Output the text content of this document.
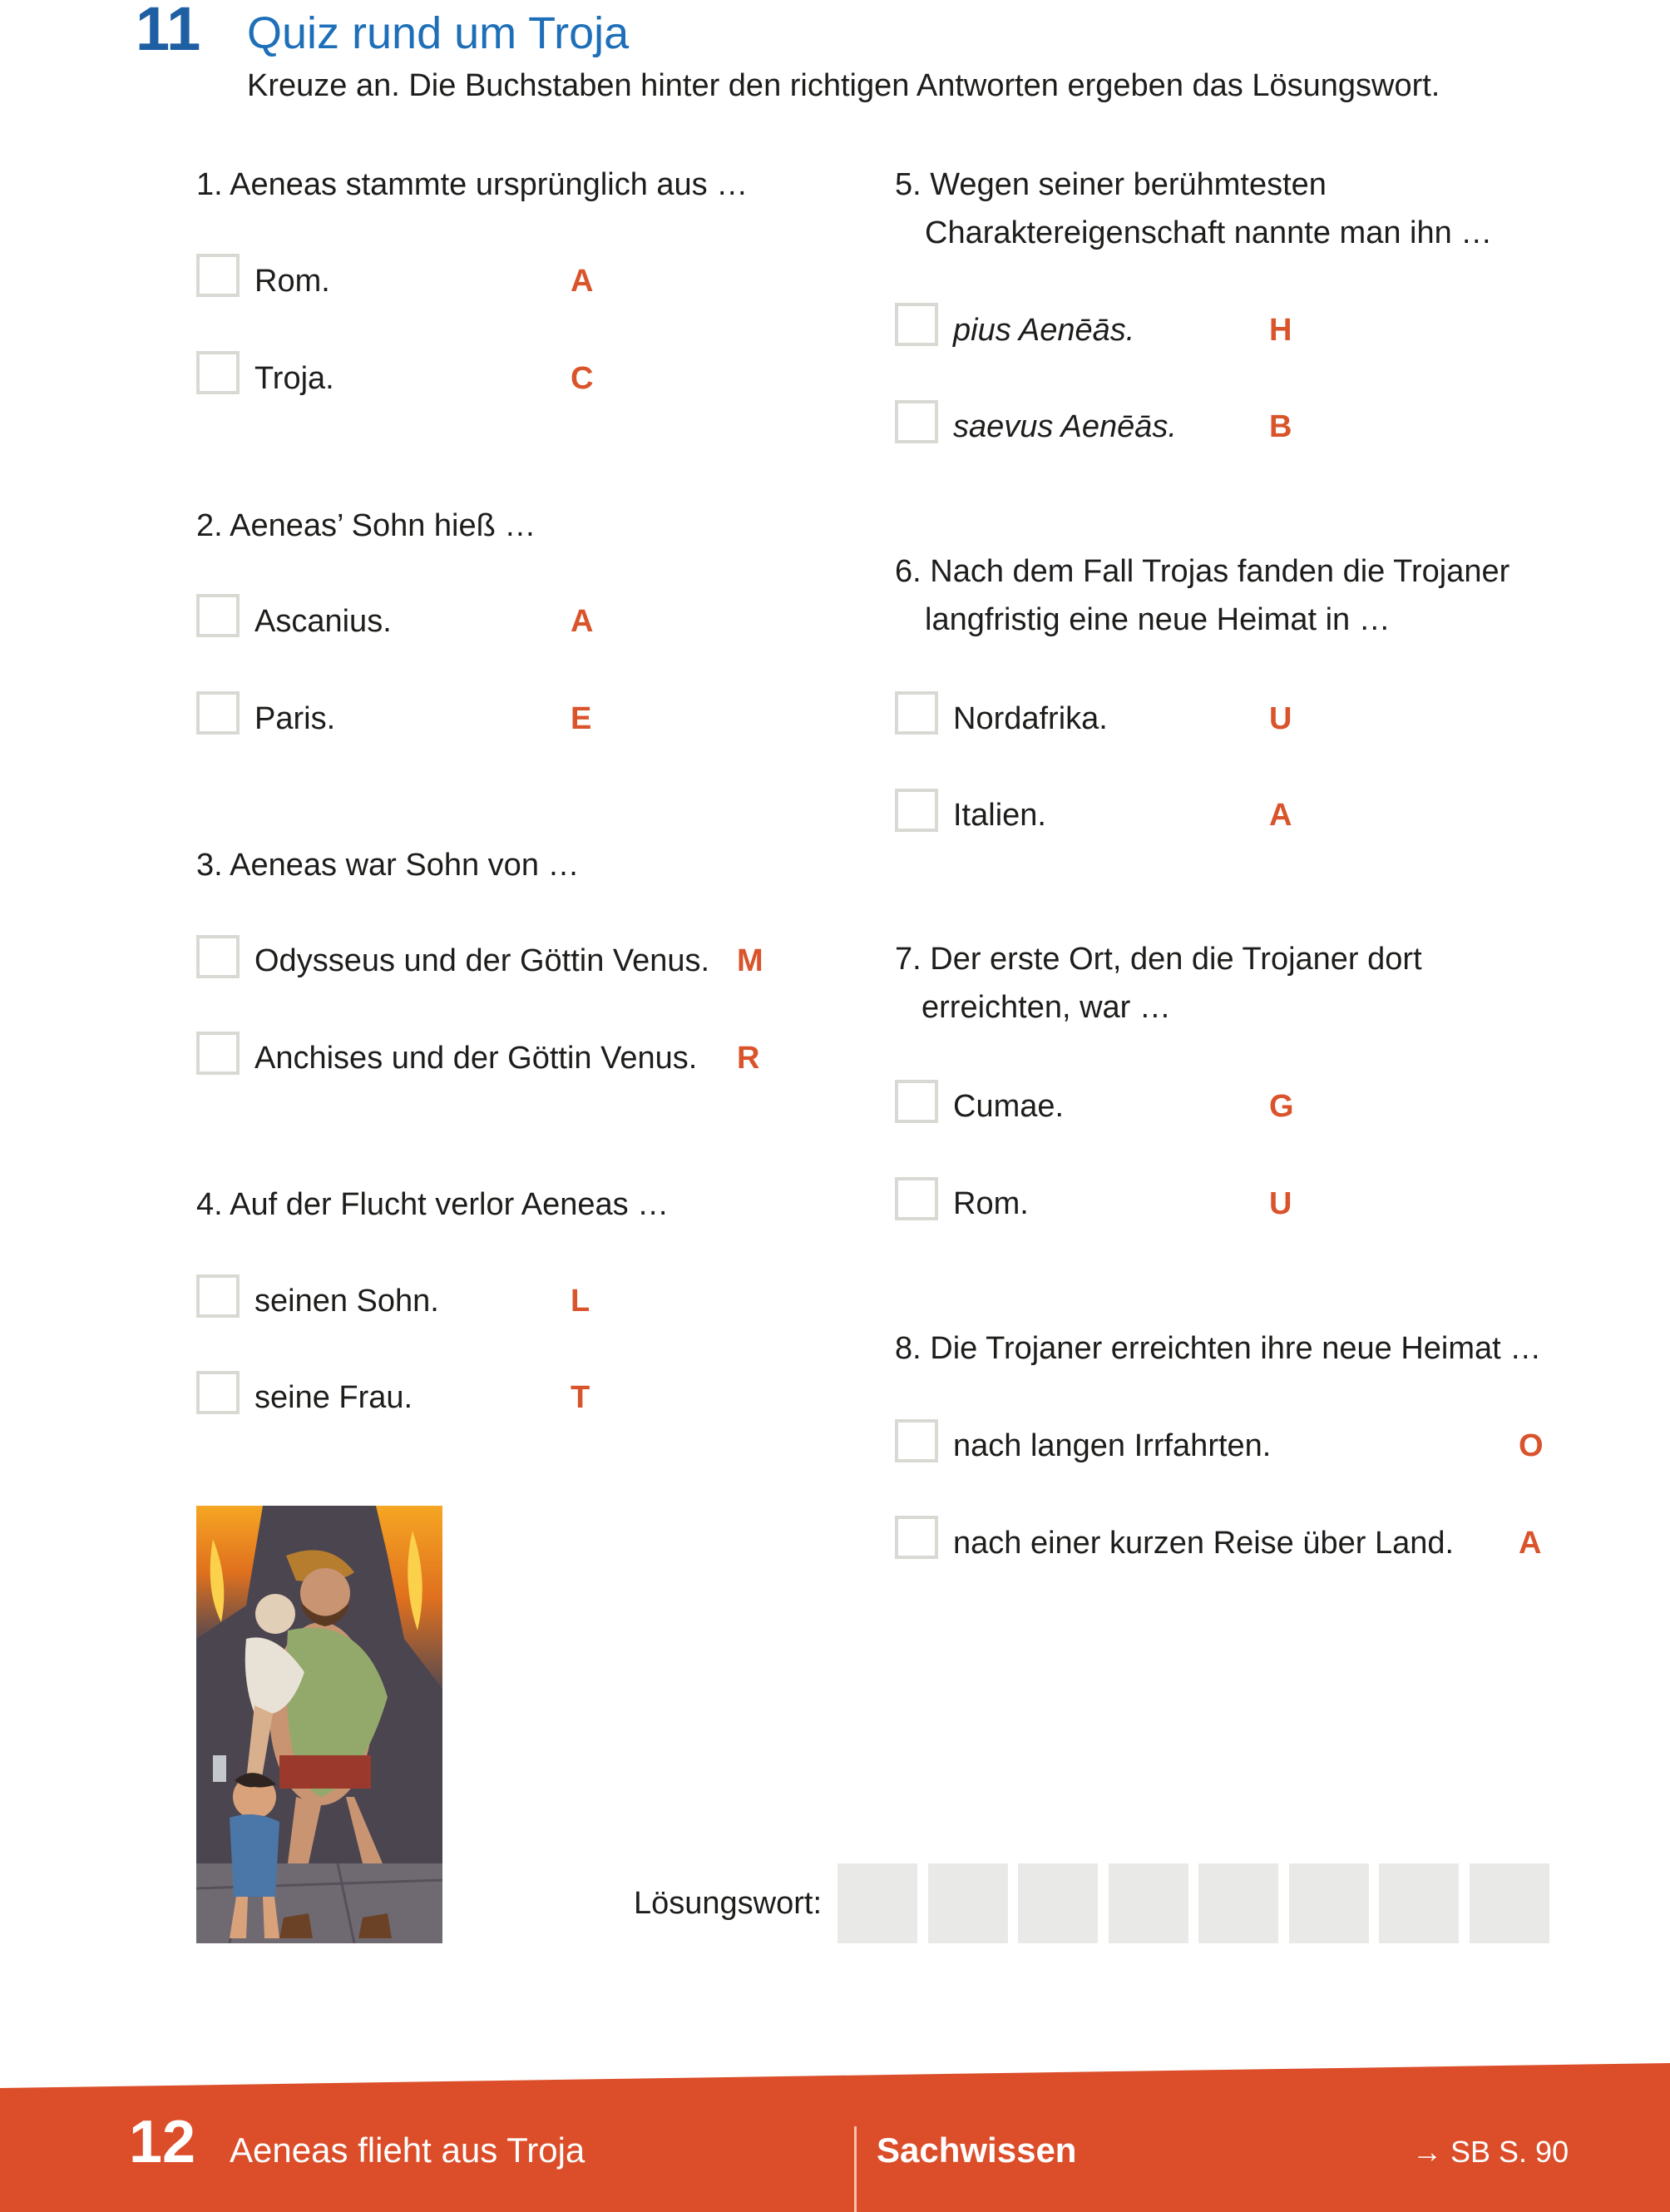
11 Quiz rund um Troja
Kreuze an. Die Buchstaben hinter den richtigen Antworten ergeben das Lösungswort.
1. Aeneas stammte ursprünglich aus …
Rom.	A
Troja.	C
2. Aeneas’ Sohn hieß …
Ascanius.	A
Paris.	E
3. Aeneas war Sohn von …
Odysseus und der Göttin Venus. M
Anchises und der Göttin Venus. R
4. Auf der Flucht verlor Aeneas …
seinen Sohn.	L
seine Frau.	T
5. Wegen seiner berühmtesten
Charaktereigenschaft nannte man ihn …
pius Aenēās.	H
saevus Aenēās.	B
6. Nach dem Fall Trojas fanden die Trojaner
langfristig eine neue Heimat in …
Nordafrika.	U
Italien.	A
7. Der erste Ort, den die Trojaner dort
erreichten, war …
Cumae.	G
Rom.	U
8. Die Trojaner erreichten ihre neue Heimat …
nach langen Irrfahrten.	O
nach einer kurzen Reise über Land. A
Lösungswort:
12 Aeneas flieht aus Troja	Sachwissen	→ SB S. 90
